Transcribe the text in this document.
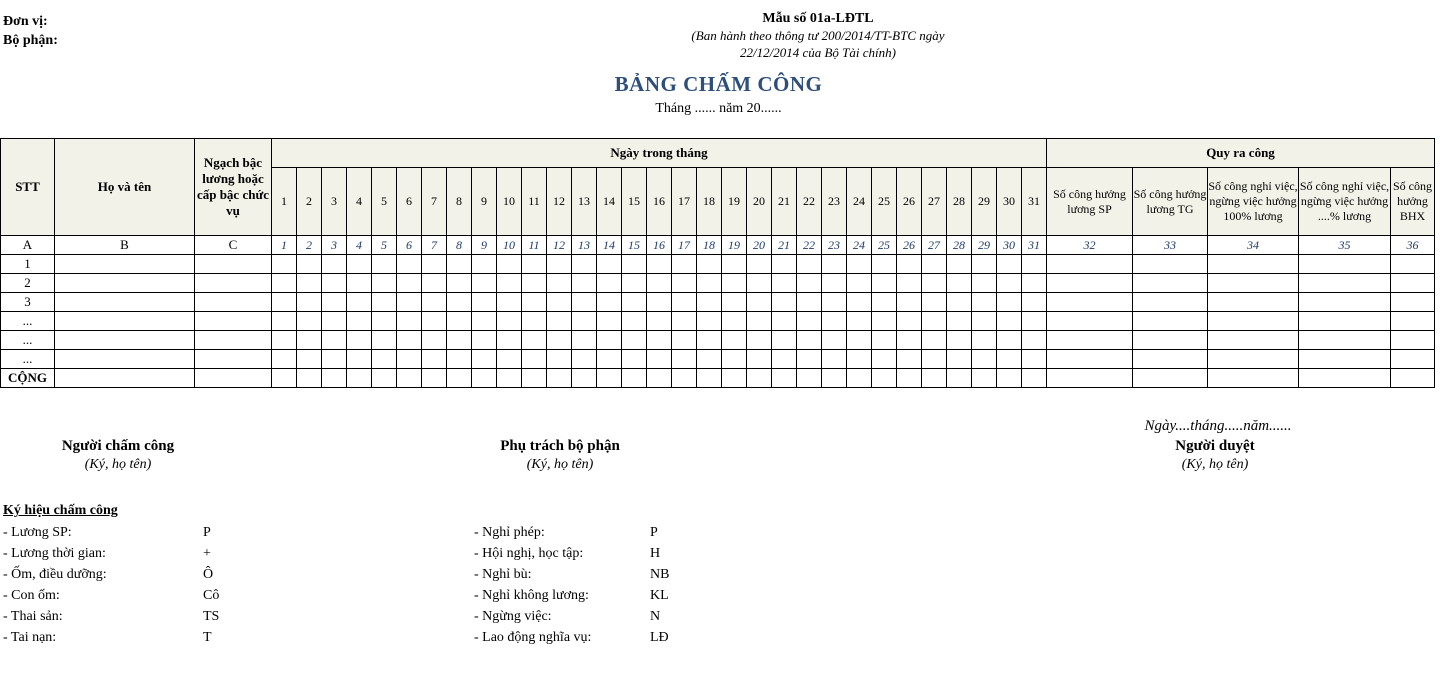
Đơn vị:
Bộ phận:
Mẫu số 01a-LĐTL
(Ban hành theo thông tư 200/2014/TT-BTC ngày
22/12/2014 của Bộ Tài chính)
BẢNG CHẤM CÔNG
Tháng ...... năm 20......
STT	Họ và tên	Ngạch bậc lương hoặc cấp bậc chức vụ	Ngày trong tháng																															Quy ra công				
			1	2	3	4	5	6	7	8	9	10	11	12	13	14	15	16	17	18	19	20	21	22	23	24	25	26	27	28	29	30	31	Số công hưởng lương SP	Số công hưởng lương TG	Số công nghỉ việc, ngừng việc hưởng 100% lương	Số công nghỉ việc, ngừng việc hưởng ....% lương	Số công hưởng BHX
A	B	C	1	2	3	4	5	6	7	8	9	10	11	12	13	14	15	16	17	18	19	20	21	22	23	24	25	26	27	28	29	30	31	32	33	34	35	36
1																																						
2																																						
3																																						
...																																						
...																																						
...																																						
CỘNG																																						
Ngày....tháng.....năm......
Người chấm công
(Ký, họ tên)
Phụ trách bộ phận
(Ký, họ tên)
Người duyệt
(Ký, họ tên)
Ký hiệu chấm công
- Lương SP:	P
- Lương thời gian:	+
- Ốm, điều dưỡng:	Ô
- Con ốm:	Cô
- Thai sản:	TS
- Tai nạn:	T
- Nghỉ phép:	P
- Hội nghị, học tập:	H
- Nghỉ bù:	NB
- Nghỉ không lương:	KL
- Ngừng việc:	N
- Lao động nghĩa vụ:	LĐ
